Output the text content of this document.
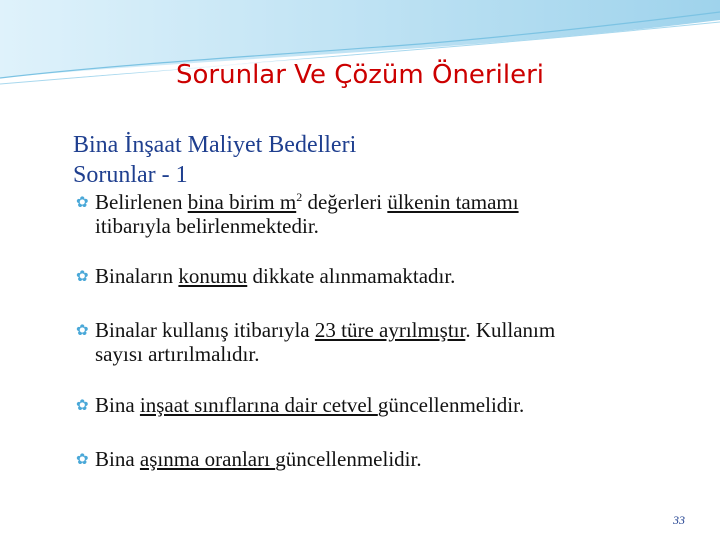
Sorunlar Ve Çözüm Önerileri
Bina İnşaat Maliyet Bedelleri
Sorunlar - 1
✿ Belirlenen bina birim $m^2$ değerleri ülkenin tamamı
itibarıyla belirlenmektedir.
✿ Binaların konumu dikkate alınmamaktadır.
✿ Binalar kullanış itibarıyla 23 türe ayrılmıştır. Kullanım
sayısı artırılmalıdır.
✿ Bina inşaat sınıflarına dair cetvel güncellenmelidir.
✿ Bina aşınma oranları güncellenmelidir.
33
